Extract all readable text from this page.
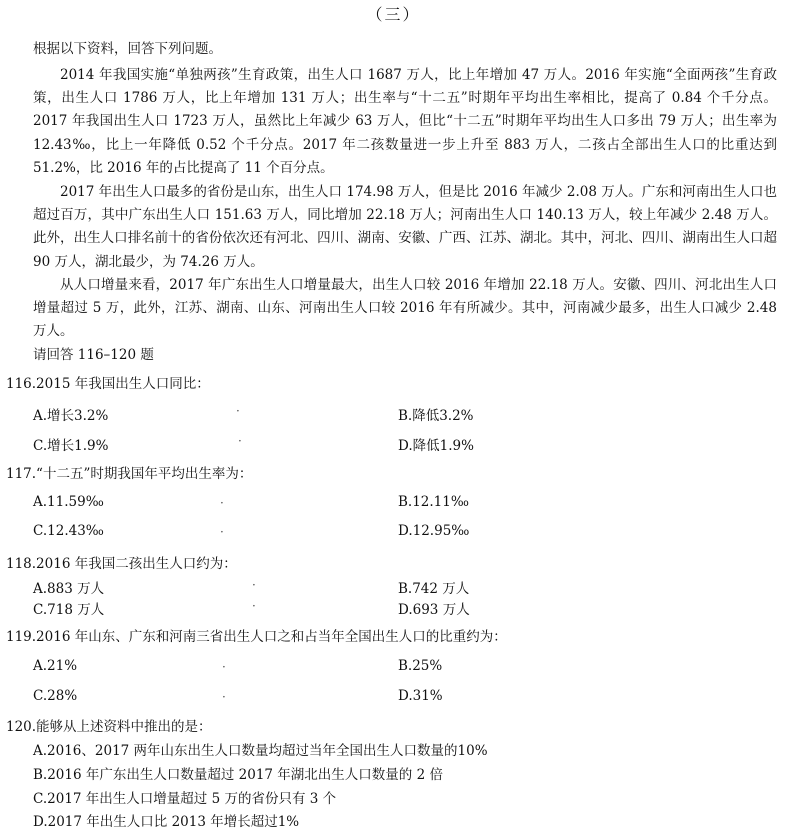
（三）
根据以下资料，回答下列问题。
2014 年我国实施“单独两孩”生育政策，出生人口 1687 万人，比上年增加 47 万人。2016 年实施“全面两孩”生育政策，出生人口 1786 万人，比上年增加 131 万人；出生率与“十二五”时期年平均出生率相比，提高了 0.84 个千分点。2017 年我国出生人口 1723 万人，虽然比上年减少 63 万人，但比“十二五”时期年平均出生人口多出 79 万人；出生率为 12.43‰，比上一年降低 0.52 个千分点。2017 年二孩数量进一步上升至 883 万人，二孩占全部出生人口的比重达到 51.2%，比 2016 年的占比提高了 11 个百分点。
2017 年出生人口最多的省份是山东，出生人口 174.98 万人，但是比 2016 年减少 2.08 万人。广东和河南出生人口也超过百万，其中广东出生人口 151.63 万人，同比增加 22.18 万人；河南出生人口 140.13 万人，较上年减少 2.48 万人。此外，出生人口排名前十的省份依次还有河北、四川、湖南、安徽、广西、江苏、湖北。其中，河北、四川、湖南出生人口超 90 万人，湖北最少，为 74.26 万人。
从人口增量来看，2017 年广东出生人口增量最大，出生人口较 2016 年增加 22.18 万人。安徽、四川、河北出生人口增量超过 5 万，此外，江苏、湖南、山东、河南出生人口较 2016 年有所减少。其中，河南减少最多，出生人口减少 2.48 万人。
请回答 116–120 题
116.2015 年我国出生人口同比：
A.增长3.2%	B.降低3.2%
C.增长1.9%	D.降低1.9%
·
·
117.“十二五”时期我国年平均出生率为：
A.11.59‰	B.12.11‰
C.12.43‰	D.12.95‰
·
·
118.2016 年我国二孩出生人口约为：
A.883 万人	B.742 万人
C.718 万人	D.693 万人
·
·
119.2016 年山东、广东和河南三省出生人口之和占当年全国出生人口的比重约为：
A.21%	B.25%
C.28%	D.31%
·
·
120.能够从上述资料中推出的是：
A.2016、2017 两年山东出生人口数量均超过当年全国出生人口数量的10%
B.2016 年广东出生人口数量超过 2017 年湖北出生人口数量的 2 倍
C.2017 年出生人口增量超过 5 万的省份只有 3 个
D.2017 年出生人口比 2013 年增长超过1%
